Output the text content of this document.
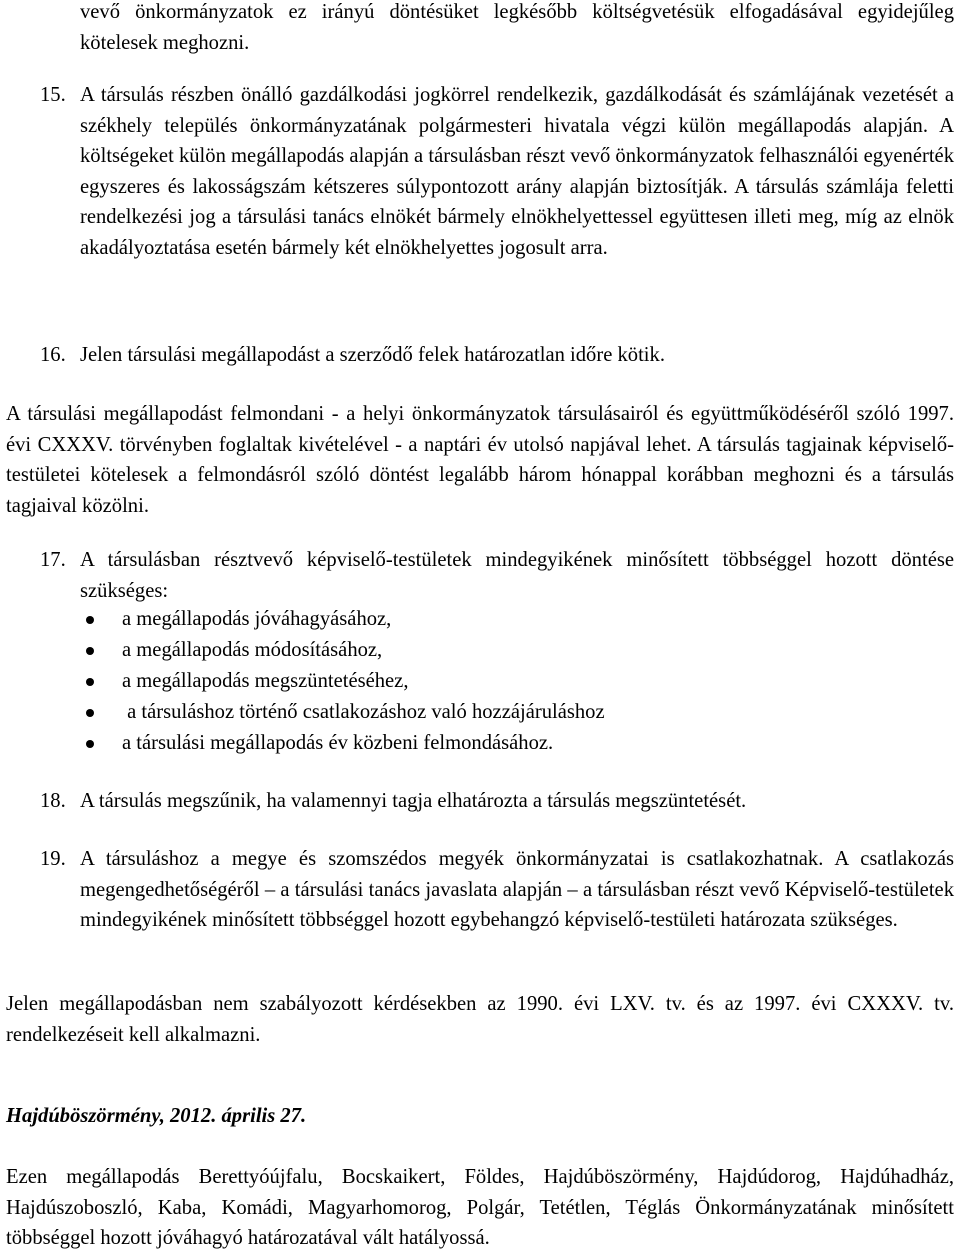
vevő önkormányzatok ez irányú döntésüket legkésőbb költségvetésük elfogadásával egyidejűleg kötelesek meghozni.

15. A társulás részben önálló gazdálkodási jogkörrel rendelkezik, gazdálkodását és számlájának vezetését a székhely település önkormányzatának polgármesteri hivatala végzi külön megállapodás alapján. A költségeket külön megállapodás alapján a társulásban részt vevő önkormányzatok felhasználói egyenérték egyszeres és lakosságszám kétszeres súlypontozott arány alapján biztosítják. A társulás számlája feletti rendelkezési jog a társulási tanács elnökét bármely elnökhelyettessel együttesen illeti meg, míg az elnök akadályoztatása esetén bármely két elnökhelyettes jogosult arra.

16. Jelen társulási megállapodást a szerződő felek határozatlan időre kötik.

A társulási megállapodást felmondani - a helyi önkormányzatok társulásairól és együttműködéséről szóló 1997. évi CXXXV. törvényben foglaltak kivételével - a naptári év utolsó napjával lehet. A társulás tagjainak képviselő-testületei kötelesek a felmondásról szóló döntést legalább három hónappal korábban meghozni és a társulás tagjaival közölni.

17. A társulásban résztvevő képviselő-testületek mindegyikének minősített többséggel hozott döntése szükséges:

a megállapodás jóváhagyásához,
a megállapodás módosításához,
a megállapodás megszüntetéséhez,
a társuláshoz történő csatlakozáshoz való hozzájáruláshoz
a társulási megállapodás év közbeni felmondásához.
18. A társulás megszűnik, ha valamennyi tagja elhatározta a társulás megszüntetését.

19. A társuláshoz a megye és szomszédos megyék önkormányzatai is csatlakozhatnak. A csatlakozás megengedhetőségéről – a társulási tanács javaslata alapján – a társulásban részt vevő Képviselő-testületek mindegyikének minősített többséggel hozott egybehangzó képviselő-testületi határozata szükséges.

Jelen megállapodásban nem szabályozott kérdésekben az 1990. évi LXV. tv. és az 1997. évi CXXXV. tv. rendelkezéseit kell alkalmazni.

Hajdúböszörmény, 2012. április 27.

Ezen megállapodás Berettyóújfalu, Bocskaikert, Földes, Hajdúböszörmény, Hajdúdorog, Hajdúhadház, Hajdúszoboszló, Kaba, Komádi, Magyarhomorog, Polgár, Tetétlen, Téglás Önkormányzatának minősített többséggel hozott jóváhagyó határozatával vált hatályossá.
